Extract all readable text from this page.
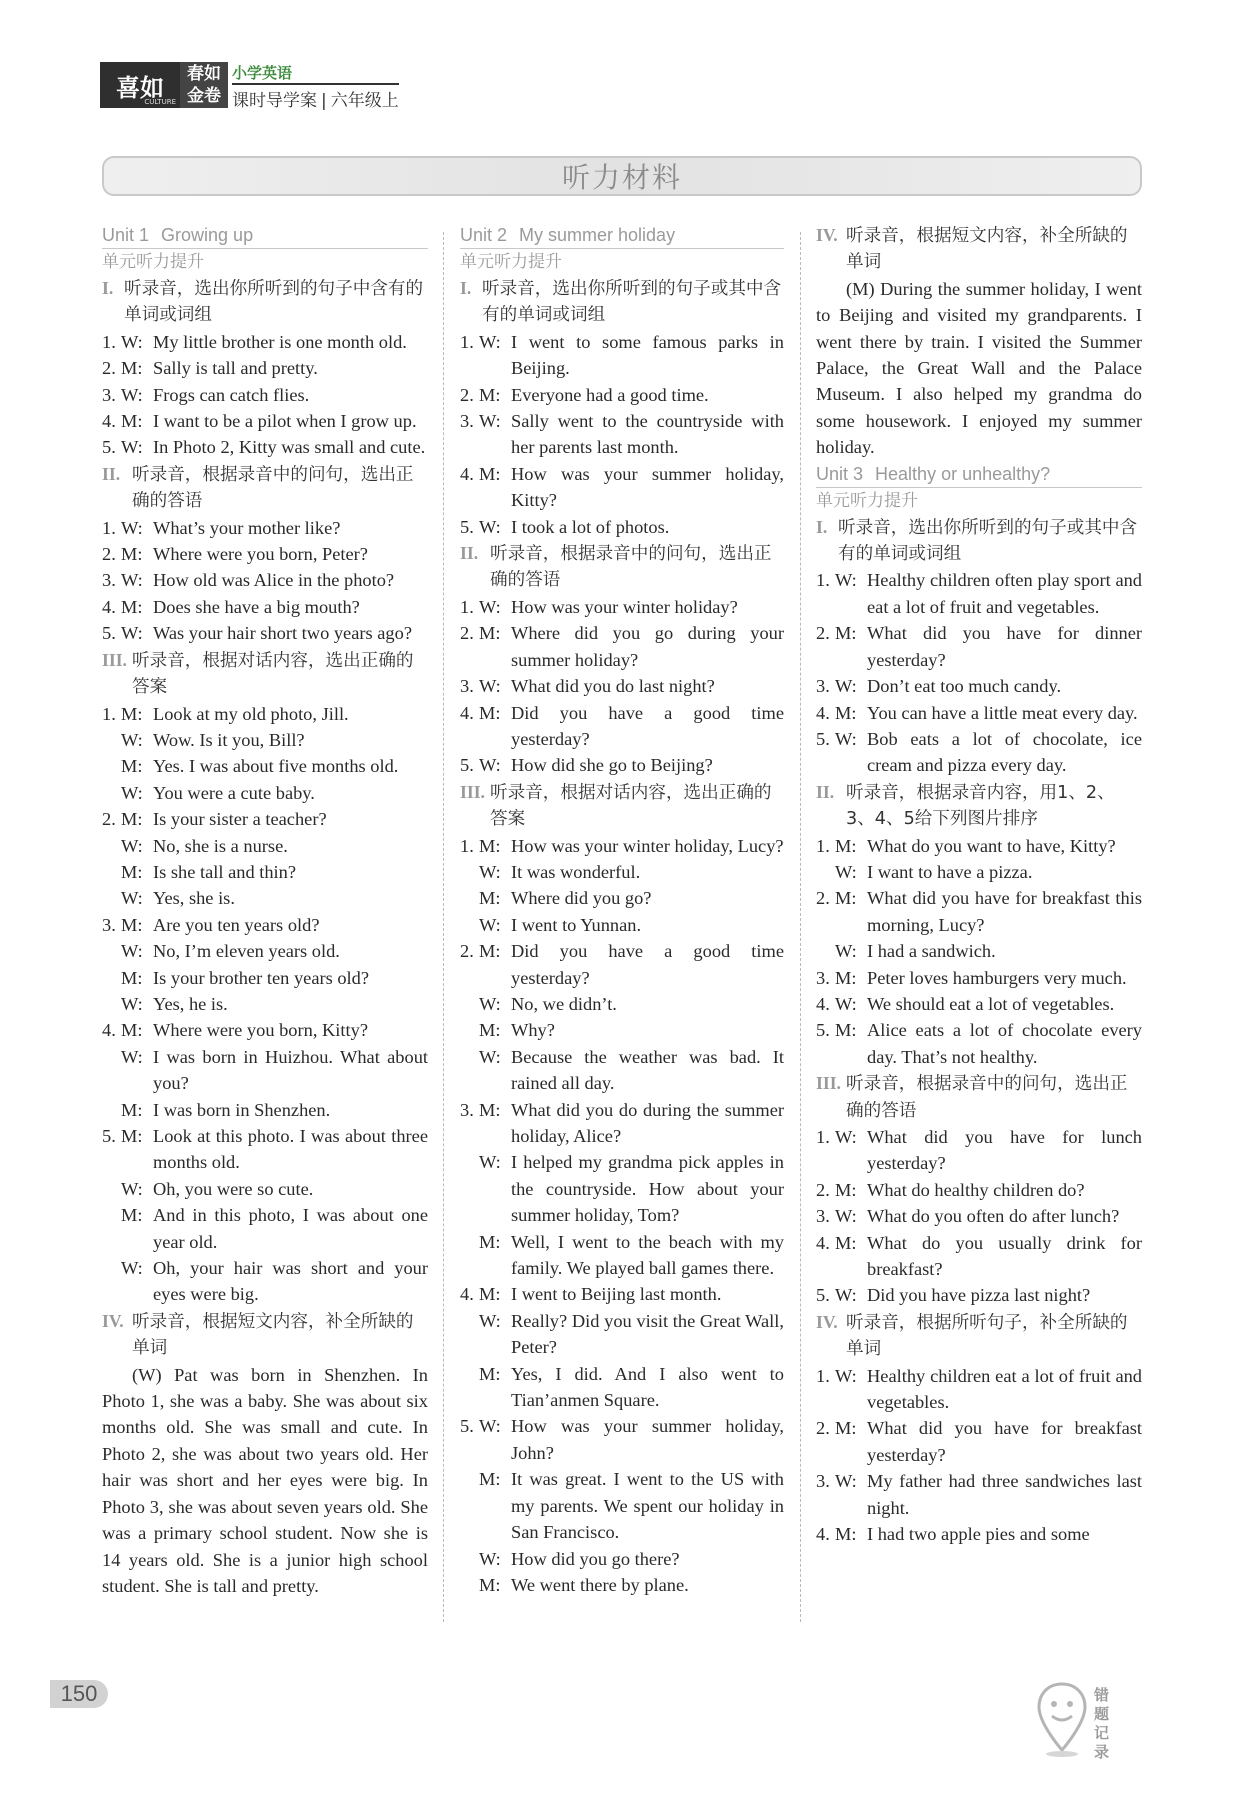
喜如
CULTURE
春如
金卷
小学英语
课时导学案 | 六年级上
听力材料
Unit 1 Growing up
单元听力提升
I. 听录音，选出你所听到的句子中含有的单词或词组
1. W: My little brother is one month old.
2. M: Sally is tall and pretty.
3. W: Frogs can catch flies.
4. M: I want to be a pilot when I grow up.
5. W: In Photo 2, Kitty was small and cute.
II. 听录音，根据录音中的问句，选出正确的答语
1. W: What’s your mother like?
2. M: Where were you born, Peter?
3. W: How old was Alice in the photo?
4. M: Does she have a big mouth?
5. W: Was your hair short two years ago?
III. 听录音，根据对话内容，选出正确的答案
1. M: Look at my old photo, Jill.
W: Wow. Is it you, Bill?
M: Yes. I was about five months old.
W: You were a cute baby.
2. M: Is your sister a teacher?
W: No, she is a nurse.
M: Is she tall and thin?
W: Yes, she is.
3. M: Are you ten years old?
W: No, I’m eleven years old.
M: Is your brother ten years old?
W: Yes, he is.
4. M: Where were you born, Kitty?
W: I was born in Huizhou. What about you?
M: I was born in Shenzhen.
5. M: Look at this photo. I was about three months old.
W: Oh, you were so cute.
M: And in this photo, I was about one year old.
W: Oh, your hair was short and your eyes were big.
IV. 听录音，根据短文内容，补全所缺的单词
(W) Pat was born in Shenzhen. In Photo 1, she was a baby. She was about six months old. She was small and cute. In Photo 2, she was about two years old. Her hair was short and her eyes were big. In Photo 3, she was about seven years old. She was a primary school student. Now she is 14 years old. She is a junior high school student. She is tall and pretty.
Unit 2 My summer holiday
单元听力提升
I. 听录音，选出你所听到的句子或其中含有的单词或词组
1. W: I went to some famous parks in Beijing.
2. M: Everyone had a good time.
3. W: Sally went to the countryside with her parents last month.
4. M: How was your summer holiday, Kitty?
5. W: I took a lot of photos.
II. 听录音，根据录音中的问句，选出正确的答语
1. W: How was your winter holiday?
2. M: Where did you go during your summer holiday?
3. W: What did you do last night?
4. M: Did you have a good time yesterday?
5. W: How did she go to Beijing?
III. 听录音，根据对话内容，选出正确的答案
1. M: How was your winter holiday, Lucy?
W: It was wonderful.
M: Where did you go?
W: I went to Yunnan.
2. M: Did you have a good time yesterday?
W: No, we didn’t.
M: Why?
W: Because the weather was bad. It rained all day.
3. M: What did you do during the summer holiday, Alice?
W: I helped my grandma pick apples in the countryside. How about your summer holiday, Tom?
M: Well, I went to the beach with my family. We played ball games there.
4. M: I went to Beijing last month.
W: Really? Did you visit the Great Wall, Peter?
M: Yes, I did. And I also went to Tian’anmen Square.
5. W: How was your summer holiday, John?
M: It was great. I went to the US with my parents. We spent our holiday in San Francisco.
W: How did you go there?
M: We went there by plane.
IV. 听录音，根据短文内容，补全所缺的单词
(M) During the summer holiday, I went to Beijing and visited my grandparents. I went there by train. I visited the Summer Palace, the Great Wall and the Palace Museum. I also helped my grandma do some housework. I enjoyed my summer holiday.
Unit 3 Healthy or unhealthy?
单元听力提升
I. 听录音，选出你所听到的句子或其中含有的单词或词组
1. W: Healthy children often play sport and eat a lot of fruit and vegetables.
2. M: What did you have for dinner yesterday?
3. W: Don’t eat too much candy.
4. M: You can have a little meat every day.
5. W: Bob eats a lot of chocolate, ice cream and pizza every day.
II. 听录音，根据录音内容，用1、2、3、4、5给下列图片排序
1. M: What do you want to have, Kitty?
W: I want to have a pizza.
2. M: What did you have for breakfast this morning, Lucy?
W: I had a sandwich.
3. M: Peter loves hamburgers very much.
4. W: We should eat a lot of vegetables.
5. M: Alice eats a lot of chocolate every day. That’s not healthy.
III. 听录音，根据录音中的问句，选出正确的答语
1. W: What did you have for lunch yesterday?
2. M: What do healthy children do?
3. W: What do you often do after lunch?
4. M: What do you usually drink for breakfast?
5. W: Did you have pizza last night?
IV. 听录音，根据所听句子，补全所缺的单词
1. W: Healthy children eat a lot of fruit and vegetables.
2. M: What did you have for breakfast yesterday?
3. W: My father had three sandwiches last night.
4. M: I had two apple pies and some
150	错题记录
